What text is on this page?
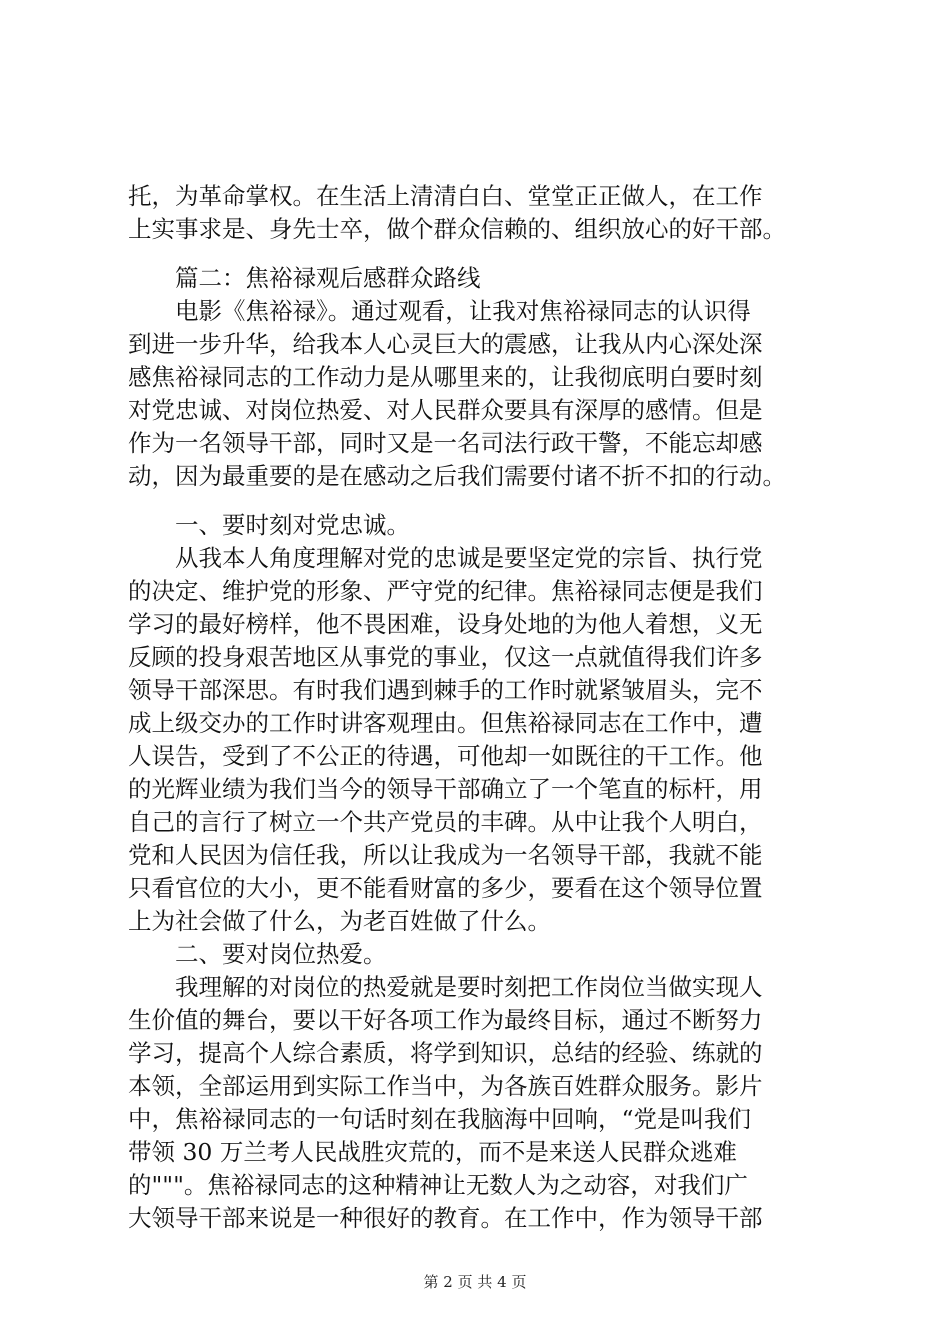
托，为革命掌权。在生活上清清白白、堂堂正正做人，在工作
上实事求是、身先士卒，做个群众信赖的、组织放心的好干部。
篇二：焦裕禄观后感群众路线
电影《焦裕禄》。通过观看，让我对焦裕禄同志的认识得
到进一步升华，给我本人心灵巨大的震感，让我从内心深处深
感焦裕禄同志的工作动力是从哪里来的，让我彻底明白要时刻
对党忠诚、对岗位热爱、对人民群众要具有深厚的感情。但是
作为一名领导干部，同时又是一名司法行政干警，不能忘却感
动，因为最重要的是在感动之后我们需要付诸不折不扣的行动。
一、要时刻对党忠诚。
从我本人角度理解对党的忠诚是要坚定党的宗旨、执行党
的决定、维护党的形象、严守党的纪律。焦裕禄同志便是我们
学习的最好榜样，他不畏困难，设身处地的为他人着想，义无
反顾的投身艰苦地区从事党的事业，仅这一点就值得我们许多
领导干部深思。有时我们遇到棘手的工作时就紧皱眉头，完不
成上级交办的工作时讲客观理由。但焦裕禄同志在工作中，遭
人误告，受到了不公正的待遇，可他却一如既往的干工作。他
的光辉业绩为我们当今的领导干部确立了一个笔直的标杆，用
自己的言行了树立一个共产党员的丰碑。从中让我个人明白，
党和人民因为信任我，所以让我成为一名领导干部，我就不能
只看官位的大小，更不能看财富的多少，要看在这个领导位置
上为社会做了什么，为老百姓做了什么。
二、要对岗位热爱。
我理解的对岗位的热爱就是要时刻把工作岗位当做实现人
生价值的舞台，要以干好各项工作为最终目标，通过不断努力
学习，提高个人综合素质，将学到知识，总结的经验、练就的
本领，全部运用到实际工作当中，为各族百姓群众服务。影片
中，焦裕禄同志的一句话时刻在我脑海中回响，“党是叫我们
带领 30 万兰考人民战胜灾荒的，而不是来送人民群众逃难
的"""。焦裕禄同志的这种精神让无数人为之动容，对我们广
大领导干部来说是一种很好的教育。在工作中，作为领导干部
第 2 页 共 4 页
